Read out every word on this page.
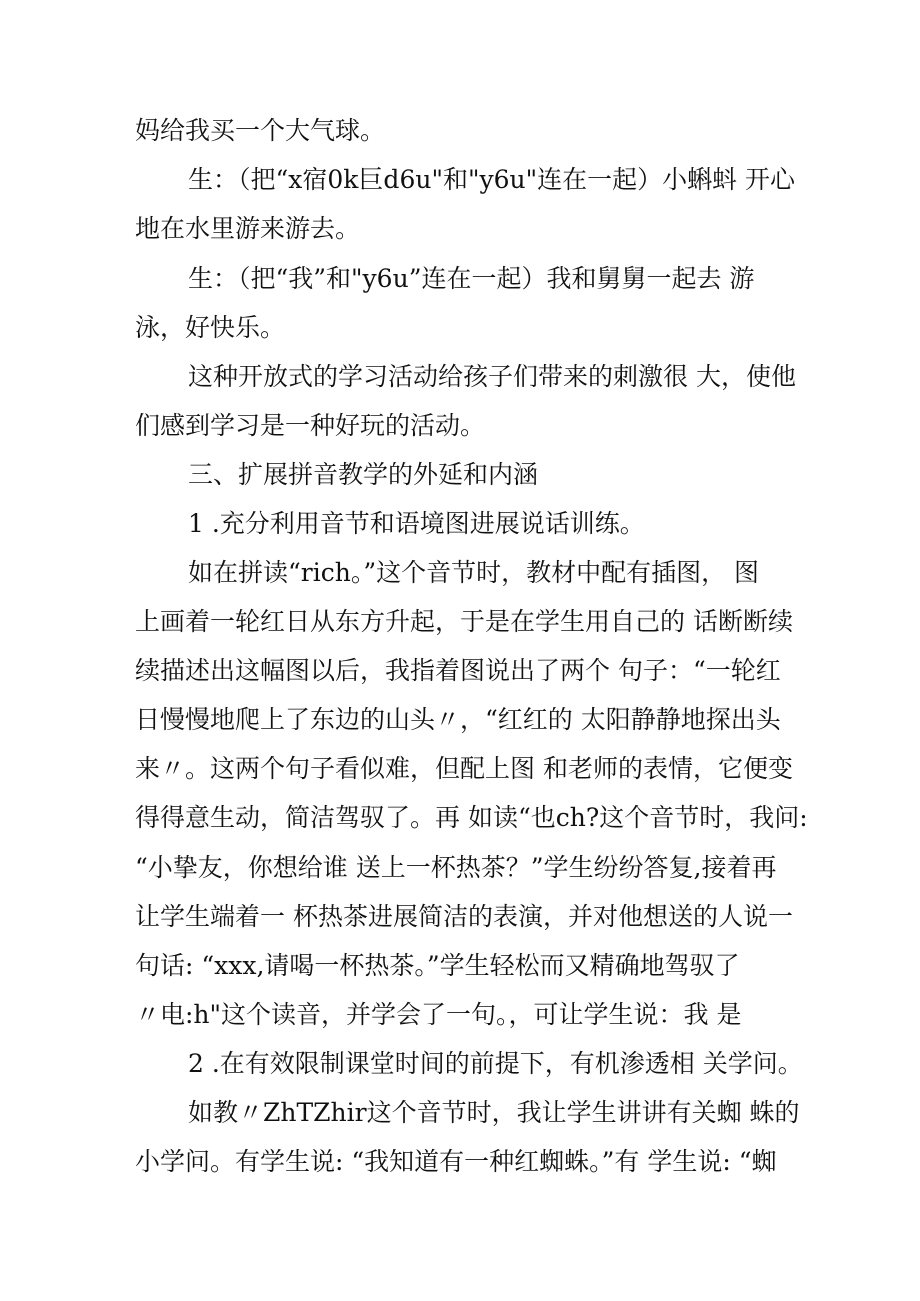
妈给我买一个大气球。
生：（把“x宿0k巨d6u"和"y6u"连在一起）小蝌蚪 开心
地在水里游来游去。
生：（把“我”和"y6u”连在一起）我和舅舅一起去 游
泳，好快乐。
这种开放式的学习活动给孩子们带来的刺激很 大，使他
们感到学习是一种好玩的活动。
三、扩展拼音教学的外延和内涵
1 .充分利用音节和语境图进展说话训练。
如在拼读“rich。”这个音节时，教材中配有插图， 图
上画着一轮红日从东方升起，于是在学生用自己的 话断断续
续描述出这幅图以后，我指着图说出了两个 句子：“一轮红
日慢慢地爬上了东边的山头〃，“红红的 太阳静静地探出头
来〃。这两个句子看似难，但配上图 和老师的表情，它便变
得得意生动，简洁驾驭了。再 如读“也ch?这个音节时，我问:
“小挚友，你想给谁 送上一杯热茶？”学生纷纷答复,接着再
让学生端着一 杯热茶进展简洁的表演，并对他想送的人说一
句话: “xxx,请喝一杯热茶。”学生轻松而又精确地驾驭了
〃电:h"这个读音，并学会了一句。，可让学生说：我 是
2 .在有效限制课堂时间的前提下，有机渗透相 关学问。
如教〃ZhTZhir这个音节时，我让学生讲讲有关蜘 蛛的
小学问。有学生说: “我知道有一种红蜘蛛。”有 学生说: “蜘
